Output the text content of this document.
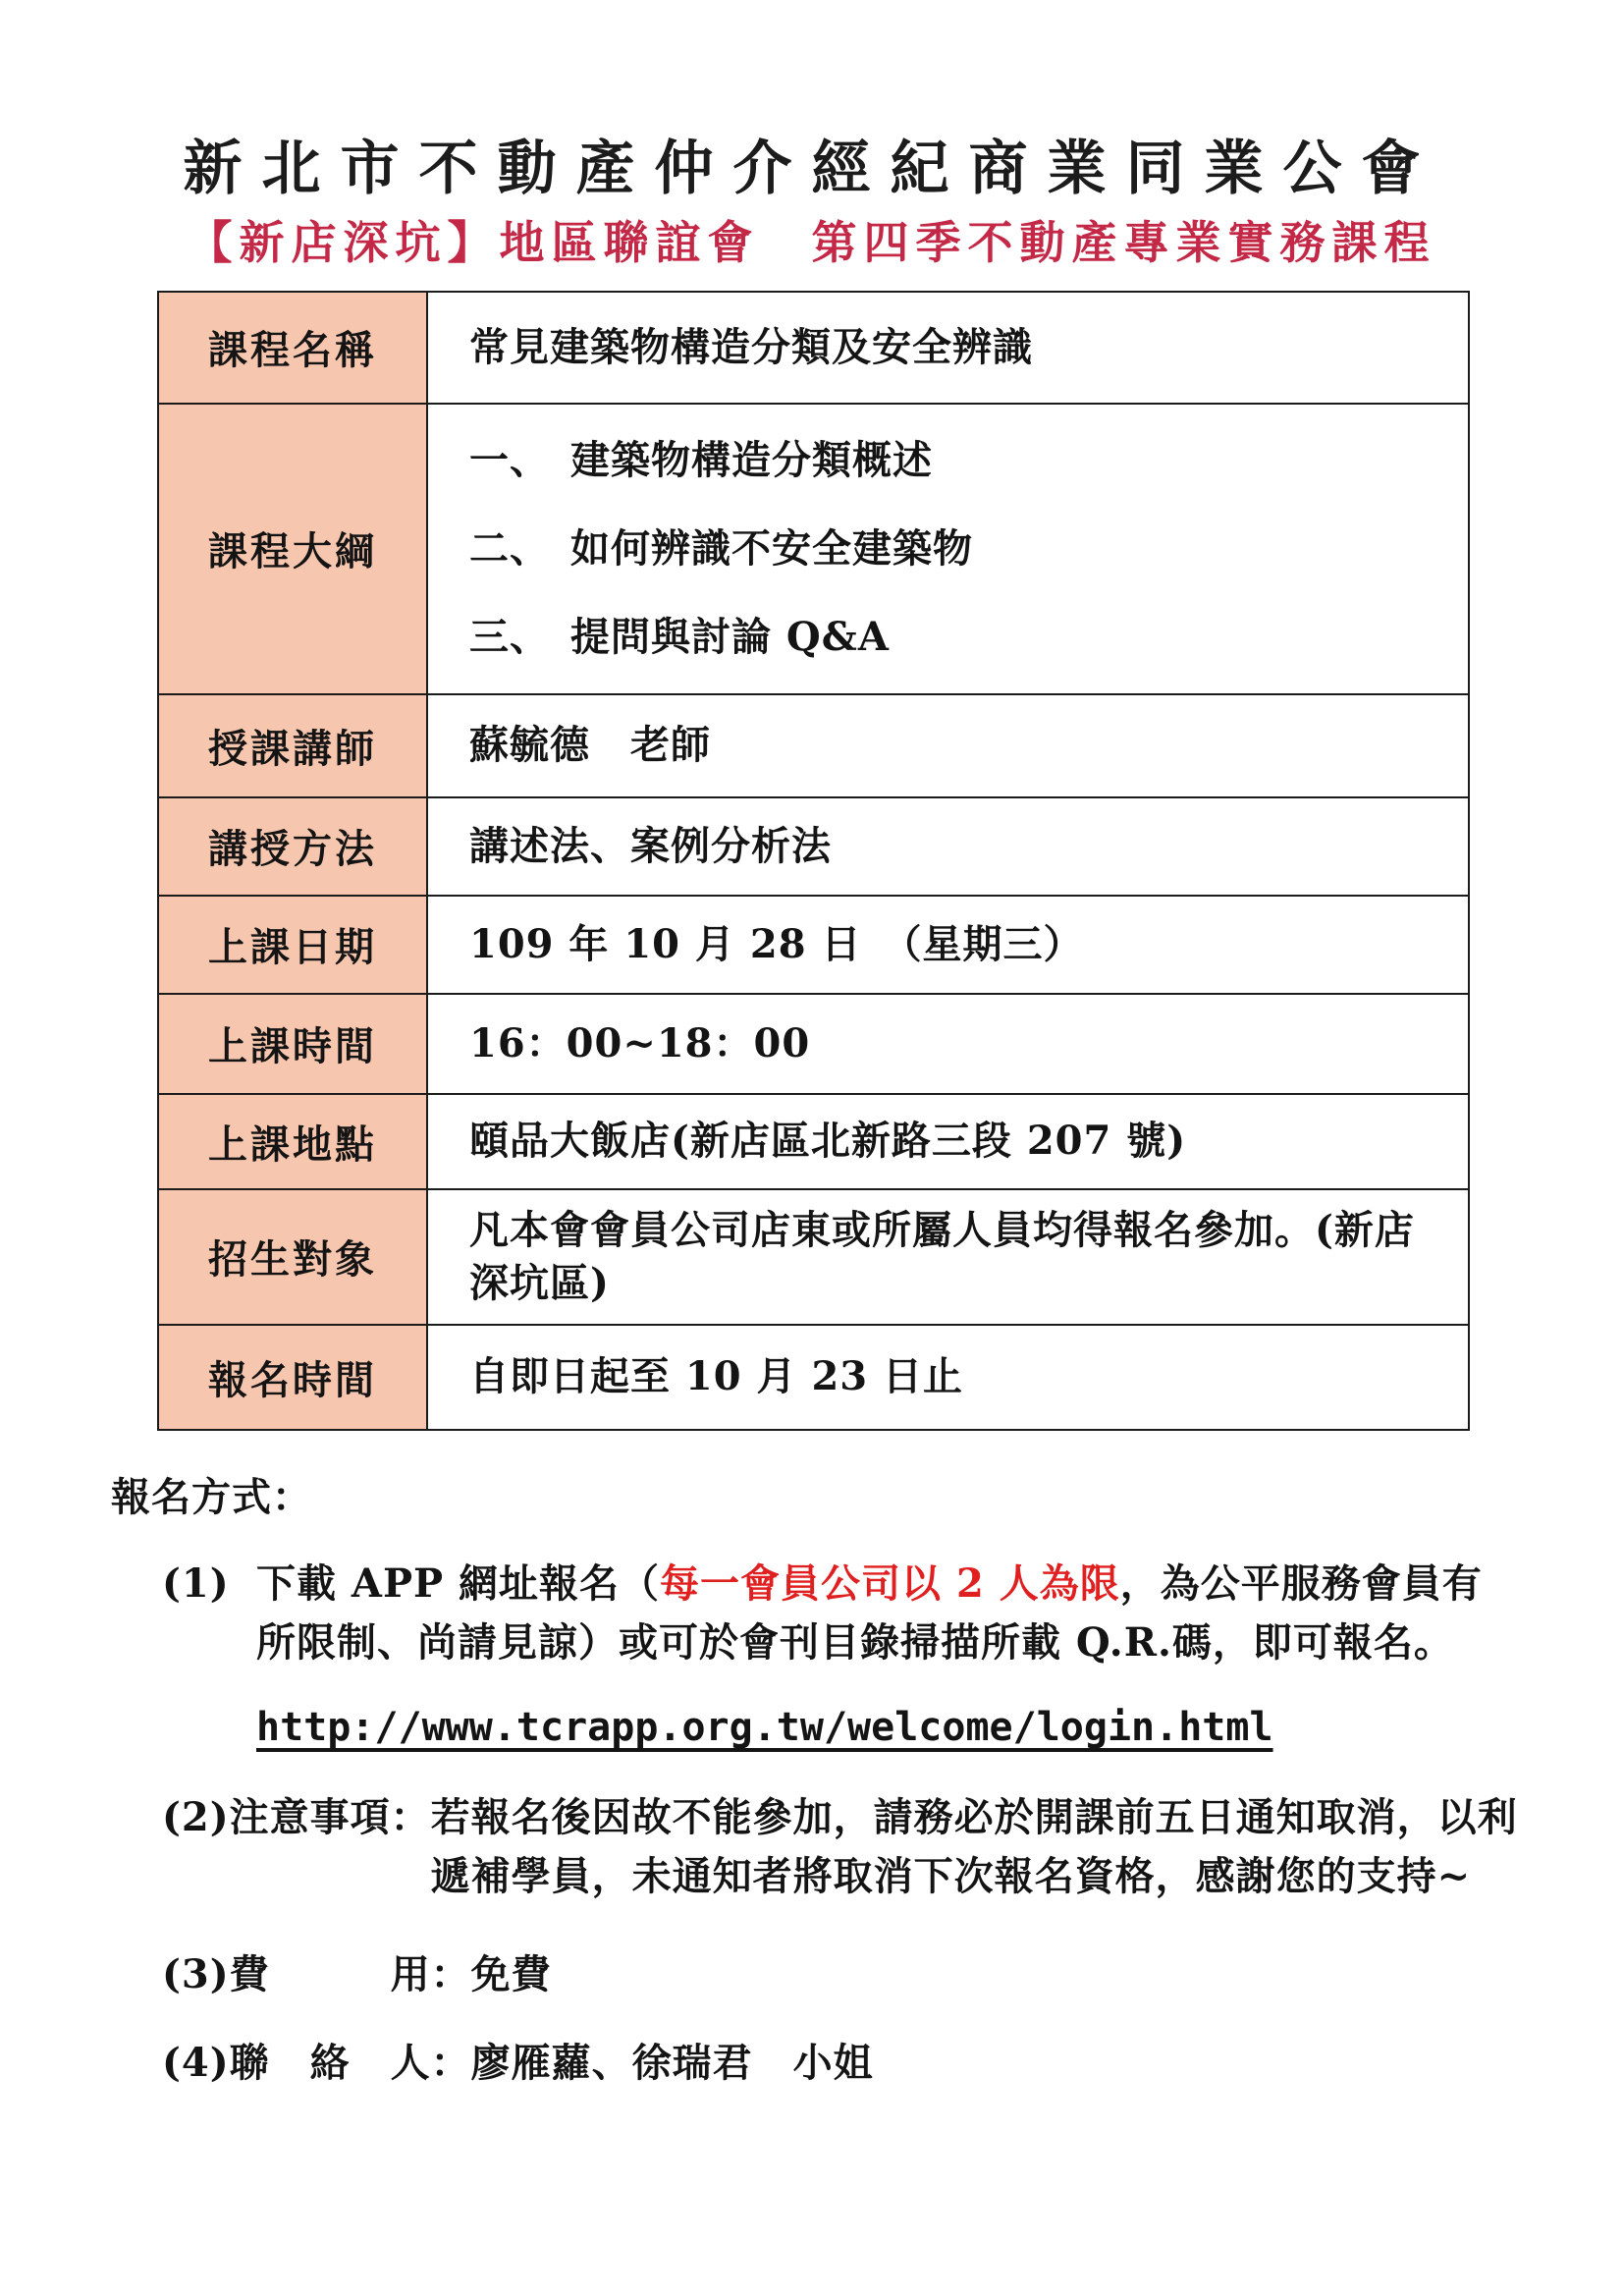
新北市不動產仲介經紀商業同業公會
【新店深坑】地區聯誼會　第四季不動產專業實務課程
課程名稱	常見建築物構造分類及安全辨識
課程大綱	一、　建築物構造分類概述
二、　如何辨識不安全建築物
三、　提問與討論 Q&A

授課講師	蘇毓德　老師
講授方法	講述法、案例分析法
上課日期	109 年 10 月 28 日　（星期三）
上課時間	16：00~18：00
上課地點	頤品大飯店(新店區北新路三段 207 號)
招生對象	凡本會會員公司店東或所屬人員均得報名參加。(新店深坑區)
報名時間	自即日起至 10 月 23 日止
報名方式：
(1) 下載 APP 網址報名（每一會員公司以 2 人為限，為公平服務會員有所限制、尚請見諒）或可於會刊目錄掃描所載 Q.R.碼，即可報名。
http://www.tcrapp.org.tw/welcome/login.html
(2)注意事項： 若報名後因故不能參加，請務必於開課前五日通知取消，以利遞補學員，未通知者將取消下次報名資格，感謝您的支持~
(3)費　　　用：免費
(4)聯　絡　人：廖雁蘿、徐瑞君　小姐
